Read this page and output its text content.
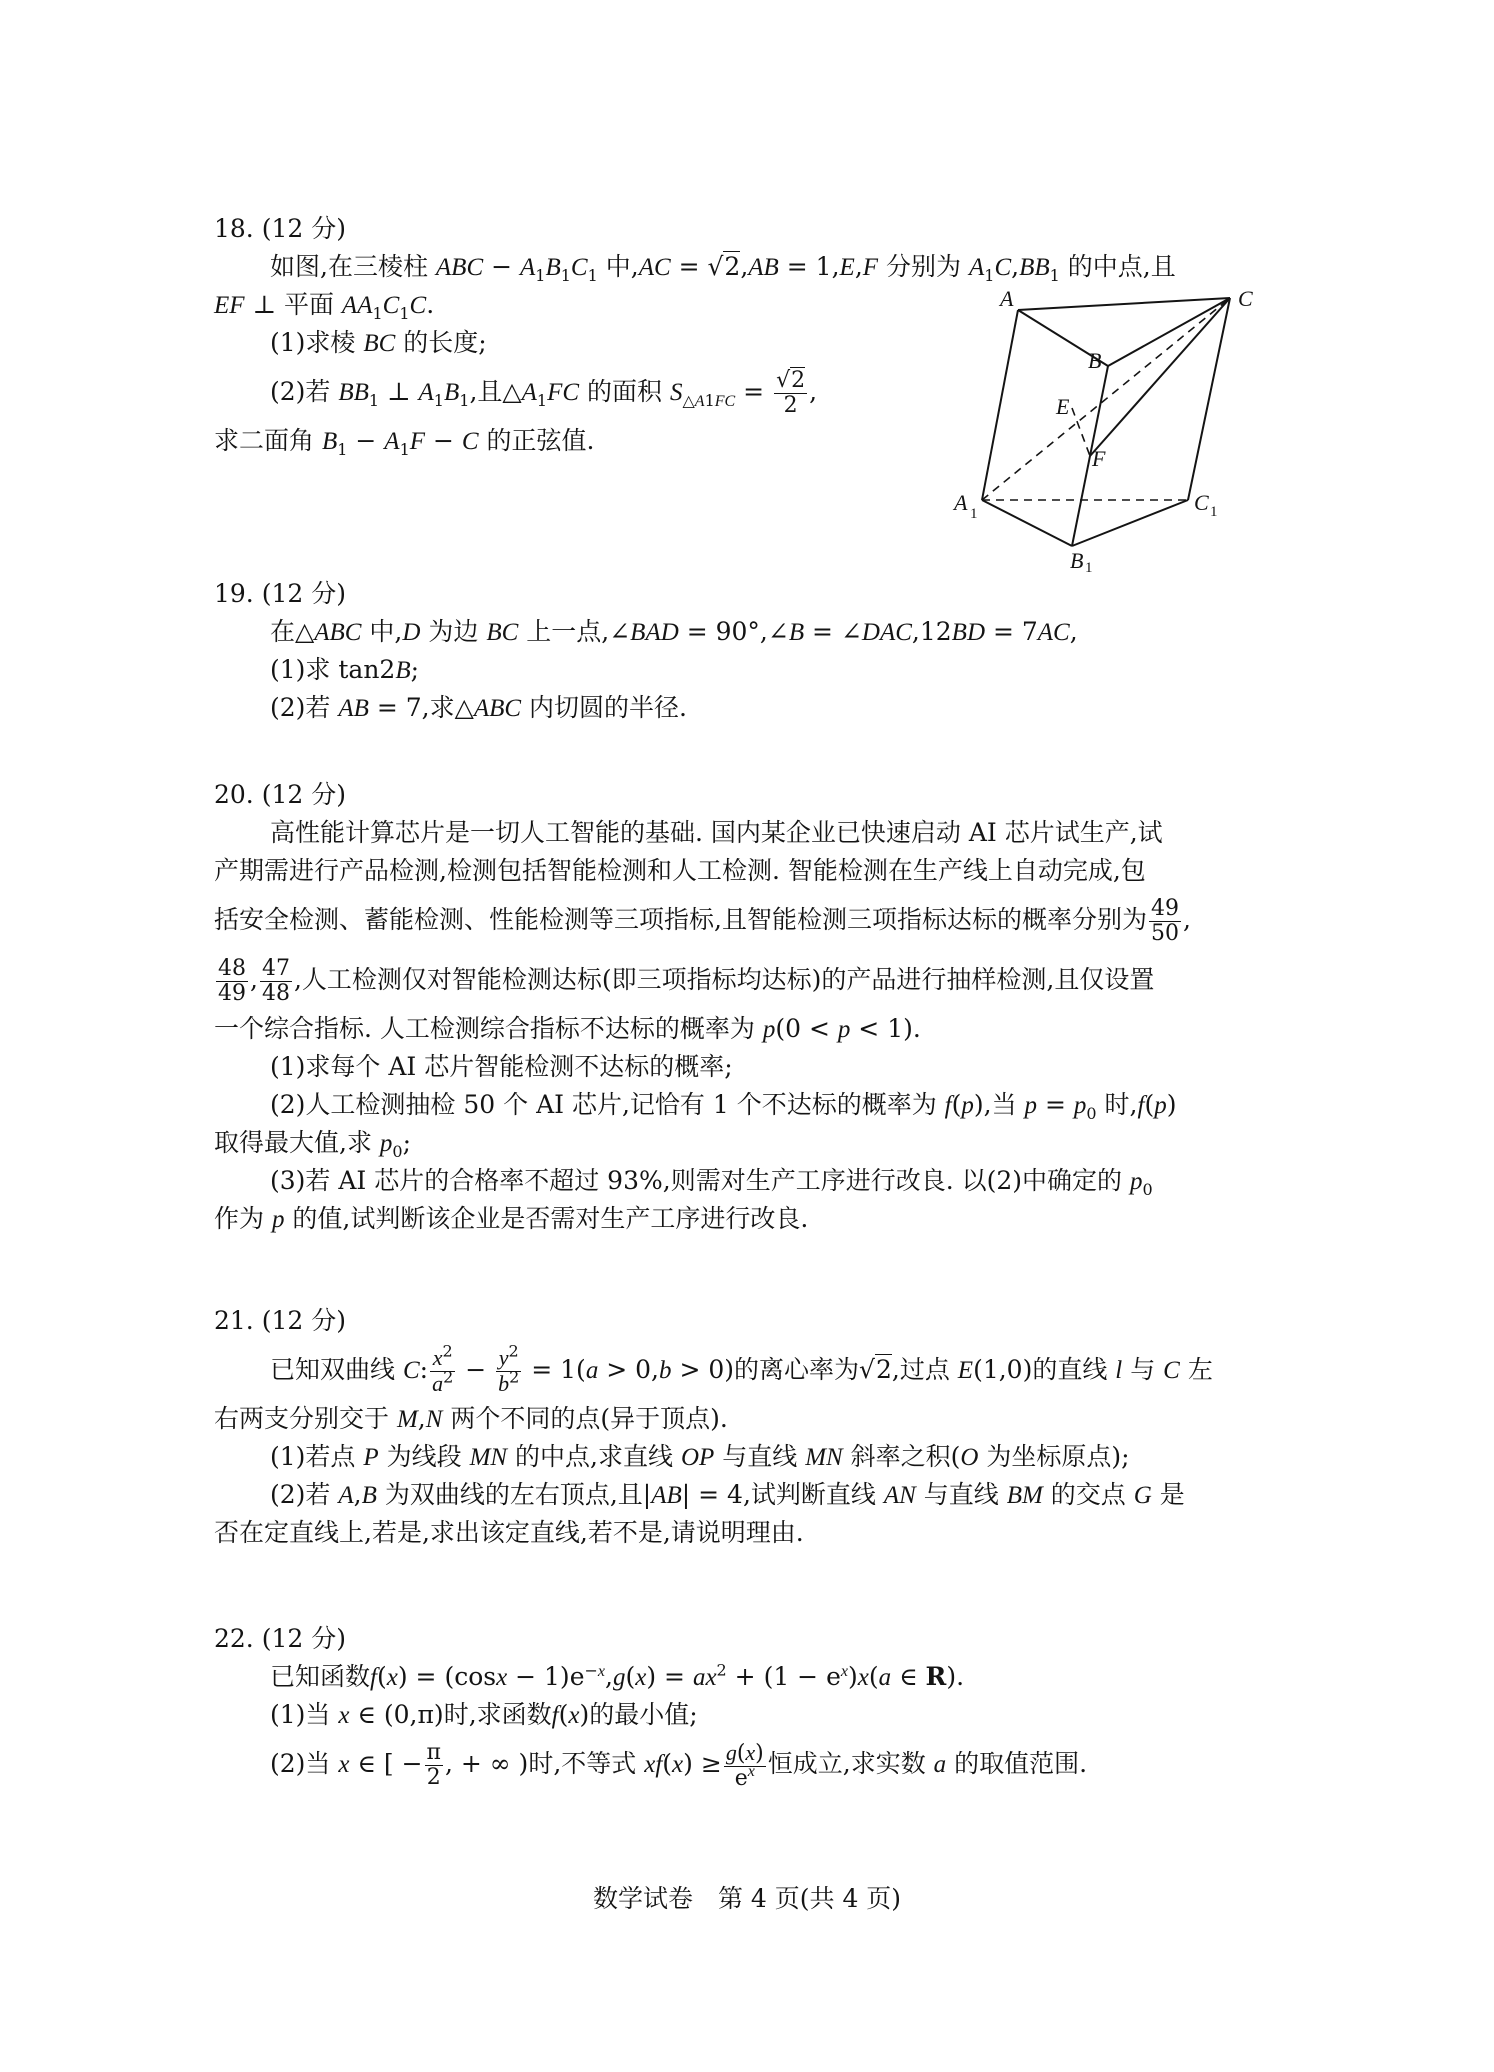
18. (12 分)
如图,在三棱柱 ABC − $A_1B_1C_1$ 中,AC = √2,AB = 1,E,F 分别为 $A_1C,BB_1$ 的中点,且
EF ⊥ 平面 $AA_1C_1C$.
(1)求棱 BC 的长度;
(2)若 $BB_1$ ⊥ $A_1B_1$,且$\triangle A_1FC$ 的面积 $S_{\triangle A1FC} = \frac{√2}{2}$ ,
求二面角 $B_1 - A_1F - C$ 的正弦值.
A	C
B
E
F
A	C
B
1	1
1
19. (12 分)
在△ABC 中,D 为边 BC 上一点,∠BAD = 90°,∠B = ∠DAC,12BD = 7AC,
(1)求 tan2B;
(2)若 AB = 7,求△ABC 内切圆的半径.
20. (12 分)
高性能计算芯片是一切人工智能的基础. 国内某企业已快速启动 AI 芯片试生产,试
产期需进行产品检测,检测包括智能检测和人工检测. 智能检测在生产线上自动完成,包
括安全检测、蓄能检测、性能检测等三项指标,且智能检测三项指标达标的概率分别为 $\frac{49}{50}$ ,
$\frac{48}{49}$ , $\frac{47}{48}$ ,人工检测仅对智能检测达标(即三项指标均达标)的产品进行抽样检测,且仅设置
一个综合指标. 人工检测综合指标不达标的概率为 p(0 < p < 1).
(1)求每个 AI 芯片智能检测不达标的概率;
(2)人工检测抽检 50 个 AI 芯片,记恰有 1 个不达标的概率为 f(p),当 $p = p_0$ 时,f(p)
取得最大值,求 $p_0$;
(3)若 AI 芯片的合格率不超过 93%,则需对生产工序进行改良. 以(2)中确定的 $p_0$
作为 p 的值,试判断该企业是否需对生产工序进行改良.
21. (12 分)
已知双曲线 C: $\frac{x^2}{a^2} - \frac{y^2}{b^2} = 1(a > 0,b > 0)$的离心率为√2,过点 E(1,0)的直线 l 与 C 左
右两支分别交于 M,N 两个不同的点(异于顶点).
(1)若点 P 为线段 MN 的中点,求直线 OP 与直线 MN 斜率之积(O 为坐标原点);
(2)若 A,B 为双曲线的左右顶点,且|AB| = 4,试判断直线 AN 与直线 BM 的交点 G 是
否在定直线上,若是,求出该定直线,若不是,请说明理由.
22. (12 分)
已知函数$f(x) = (\cos x - 1)e^{-x},g(x) = ax^2 + (1 - e^x)x(a$ ∈ R).
(1)当 x ∈ (0,π)时,求函数f(x)的最小值;
(2)当 x ∈ [ − $\frac{\pi}{2}$ , + ∞ )时,不等式 $xf(x) \ge \frac{g(x)}{e^x}$ 恒成立,求实数 a 的取值范围.
数学试卷　第 4 页(共 4 页)
